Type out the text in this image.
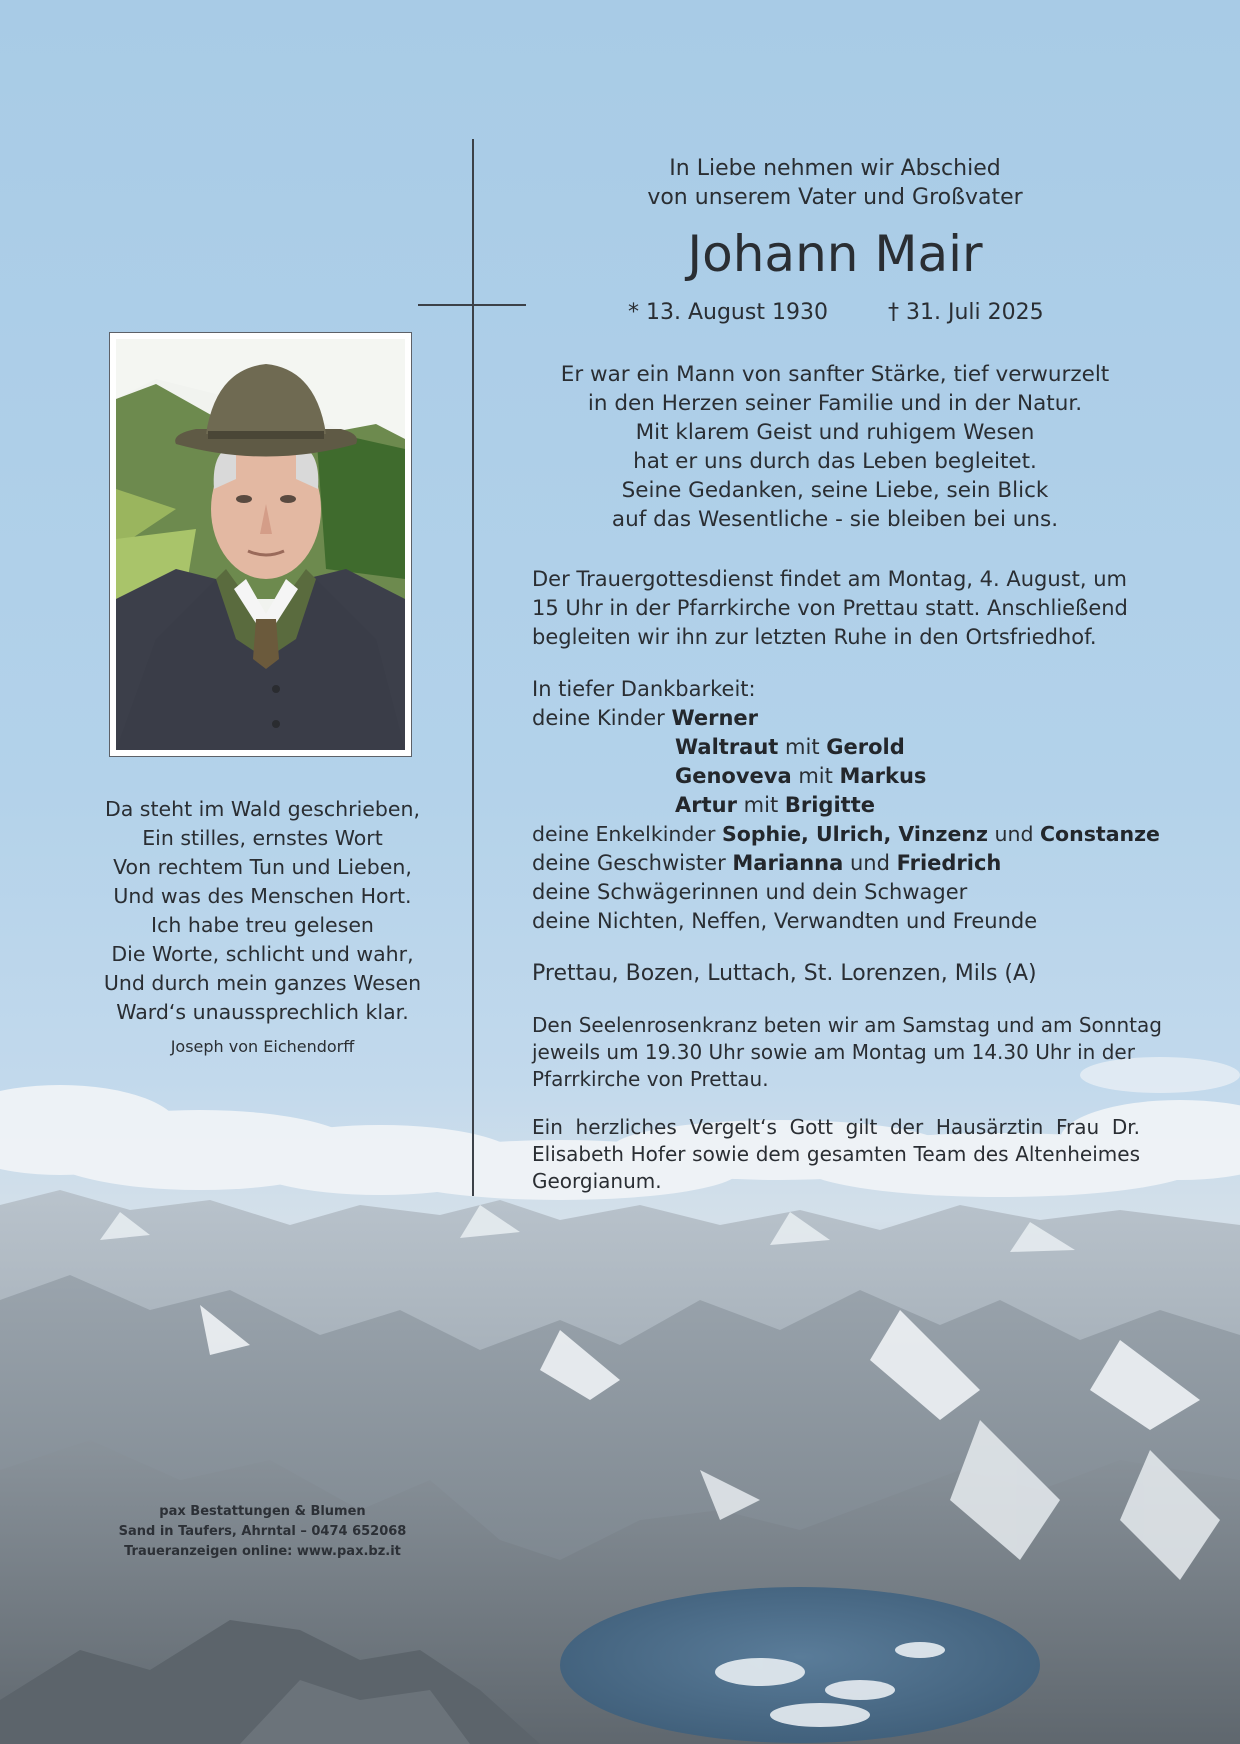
Da steht im Wald geschrieben,
Ein stilles, ernstes Wort
Von rechtem Tun und Lieben,
Und was des Menschen Hort.
Ich habe treu gelesen
Die Worte, schlicht und wahr,
Und durch mein ganzes Wesen
Ward‘s unaussprechlich klar.
Joseph von Eichendorff
pax Bestattungen & Blumen
Sand in Taufers, Ahrntal – 0474 652068
Traueranzeigen online: www.pax.bz.it
In Liebe nehmen wir Abschied
von unserem Vater und Großvater
Johann Mair
* 13. August 1930	† 31. Juli 2025
Er war ein Mann von sanfter Stärke, tief verwurzelt
in den Herzen seiner Familie und in der Natur.
Mit klarem Geist und ruhigem Wesen
hat er uns durch das Leben begleitet.
Seine Gedanken, seine Liebe, sein Blick
auf das Wesentliche - sie bleiben bei uns.
Der Trauergottesdienst findet am Montag, 4. August, um
15 Uhr in der Pfarrkirche von Prettau statt. Anschließend
begleiten wir ihn zur letzten Ruhe in den Ortsfriedhof.
In tiefer Dankbarkeit:
deine Kinder Werner
Waltraut mit Gerold
Genoveva mit Markus
Artur mit Brigitte
deine Enkelkinder Sophie, Ulrich, Vinzenz und Constanze
deine Geschwister Marianna und Friedrich
deine Schwägerinnen und dein Schwager
deine Nichten, Neffen, Verwandten und Freunde
Prettau, Bozen, Luttach, St. Lorenzen, Mils (A)
Den Seelenrosenkranz beten wir am Samstag und am Sonntag
jeweils um 19.30 Uhr sowie am Montag um 14.30 Uhr in der
Pfarrkirche von Prettau.
Ein herzliches Vergelt‘s Gott gilt der Hausärztin Frau Dr. Elisabeth Hofer sowie dem gesamten Team des Altenheimes Georgianum.
